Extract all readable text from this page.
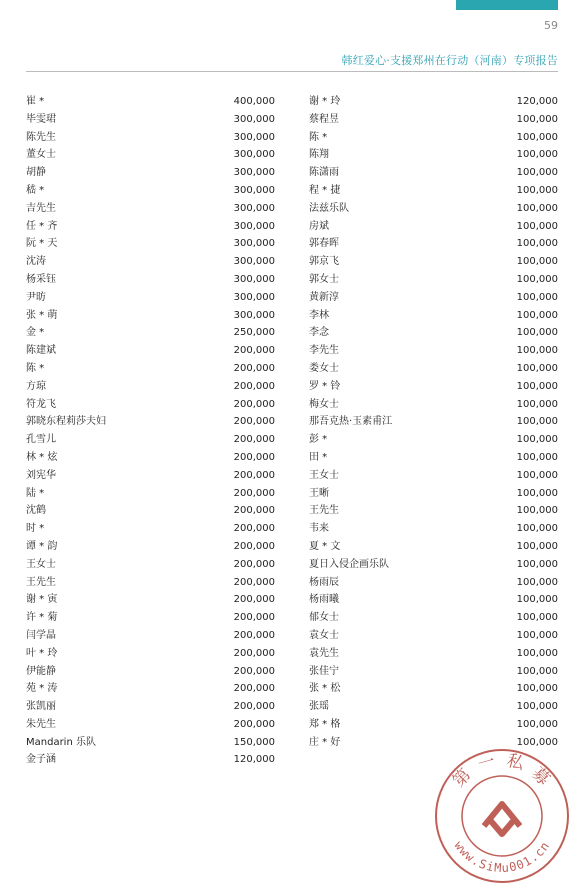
59
韩红爱心·支援郑州在行动（河南）专项报告
崔 *	400,000
毕雯珺	300,000
陈先生	300,000
董女士	300,000
胡静	300,000
嵇 *	300,000
吉先生	300,000
任 * 齐	300,000
阮 * 天	300,000
沈涛	300,000
杨采钰	300,000
尹昉	300,000
张 * 萌	300,000
金 *	250,000
陈建斌	200,000
陈 *	200,000
方琼	200,000
符龙飞	200,000
郭晓东程莉莎夫妇	200,000
孔雪儿	200,000
林 * 炫	200,000
刘宪华	200,000
陆 *	200,000
沈鹤	200,000
时 *	200,000
谭 * 韵	200,000
王女士	200,000
王先生	200,000
谢 * 寅	200,000
许 * 菊	200,000
闫学晶	200,000
叶 * 玲	200,000
伊能静	200,000
苑 * 涛	200,000
张凯丽	200,000
朱先生	200,000
Mandarin 乐队	150,000
金子涵	120,000
谢 * 玲	120,000
蔡程昱	100,000
陈 *	100,000
陈翔	100,000
陈潇雨	100,000
程 * 捷	100,000
法兹乐队	100,000
房斌	100,000
郭春晖	100,000
郭京飞	100,000
郭女士	100,000
黄新淳	100,000
李林	100,000
李念	100,000
李先生	100,000
娄女士	100,000
罗 * 铃	100,000
梅女士	100,000
那吾克热·玉素甫江	100,000
彭 *	100,000
田 *	100,000
王女士	100,000
王晰	100,000
王先生	100,000
韦来	100,000
夏 * 文	100,000
夏日入侵企画乐队	100,000
杨雨辰	100,000
杨雨曦	100,000
郁女士	100,000
袁女士	100,000
袁先生	100,000
张佳宁	100,000
张 * 松	100,000
张瑶	100,000
郑 * 格	100,000
庄 * 好	100,000
第 一 私 募
www.SiMu001.cn
